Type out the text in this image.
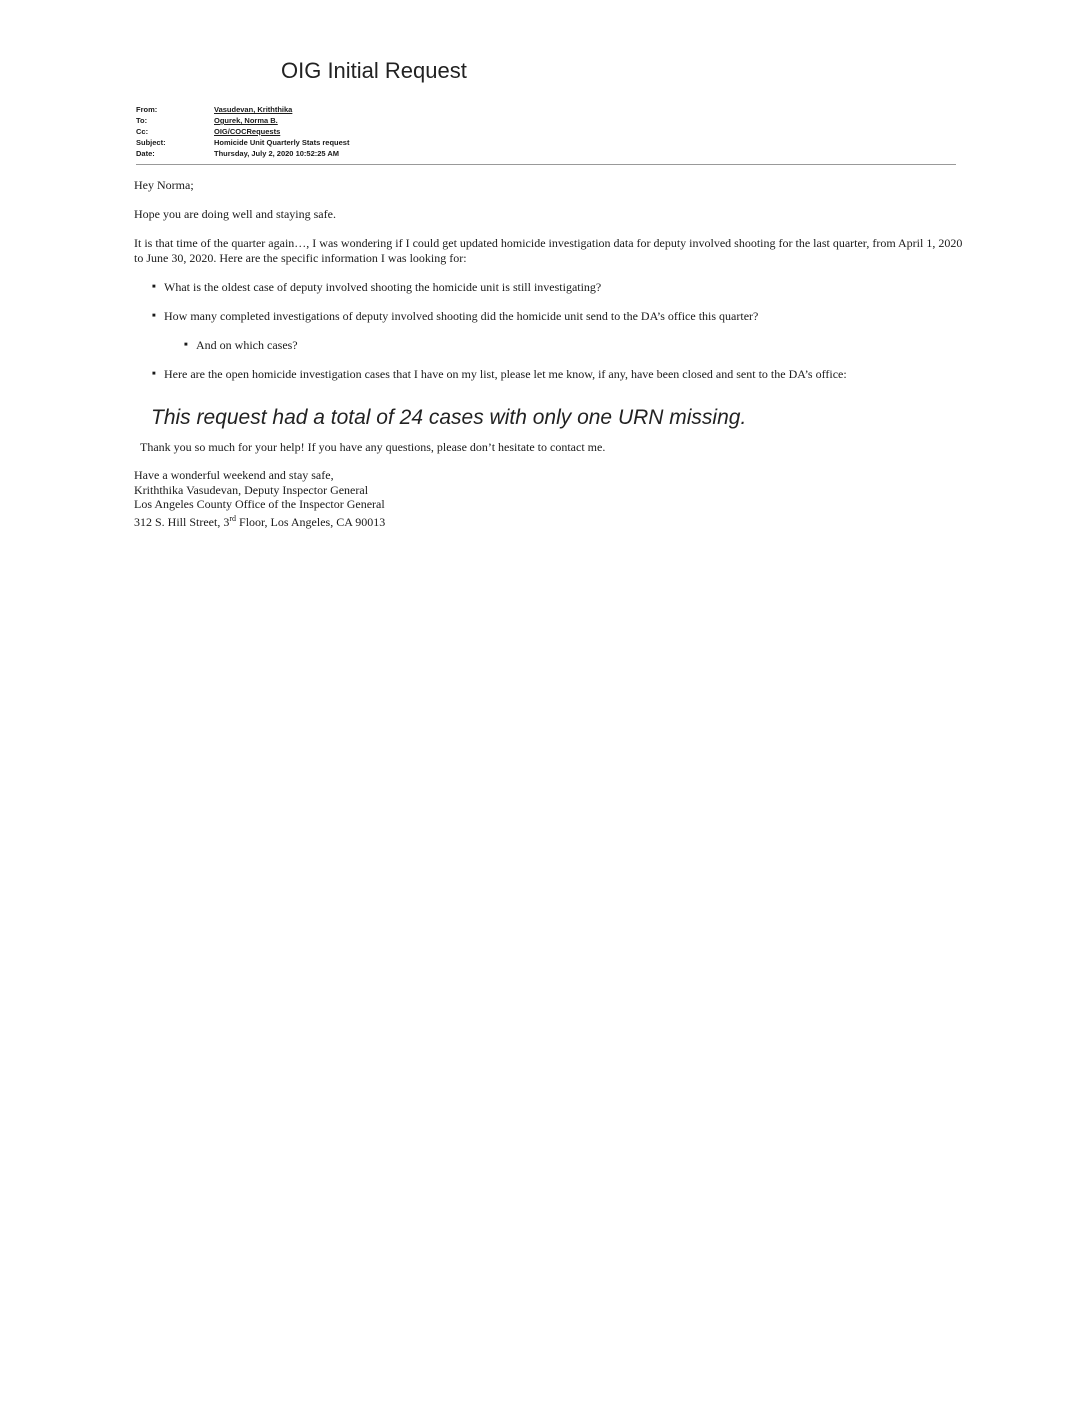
OIG Initial Request
From:	Vasudevan, Kriththika
To:	Ogurek, Norma B.
Cc:	OIG/COCRequests
Subject:	Homicide Unit Quarterly Stats request
Date:	Thursday, July 2, 2020 10:52:25 AM

Hey Norma;

Hope you are doing well and staying safe.

It is that time of the quarter again…, I was wondering if I could get updated homicide investigation data for deputy involved shooting for the last quarter, from April 1, 2020 to June 30, 2020. Here are the specific information I was looking for:

■ What is the oldest case of deputy involved shooting the homicide unit is still investigating?
■ How many completed investigations of deputy involved shooting did the homicide unit send to the DA’s office this quarter?
■ And on which cases?
■ Here are the open homicide investigation cases that I have on my list, please let me know, if any, have been closed and sent to the DA’s office:
This request had a total of 24 cases with only one URN missing.
Thank you so much for your help! If you have any questions, please don’t hesitate to contact me.
Have a wonderful weekend and stay safe,
Kriththika Vasudevan, Deputy Inspector General
Los Angeles County Office of the Inspector General
312 S. Hill Street, 3rd Floor, Los Angeles, CA 90013
